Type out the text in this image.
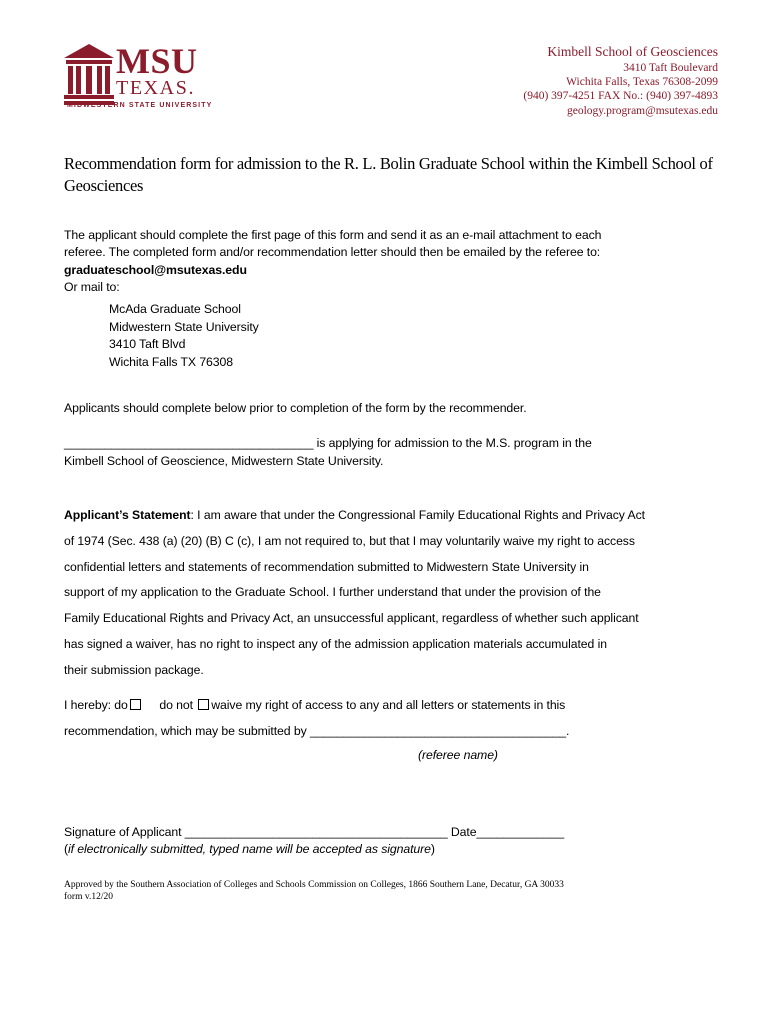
MSU
TEXAS.
MIDWESTERN STATE UNIVERSITY
Kimbell School of Geosciences
3410 Taft Boulevard
Wichita Falls, Texas 76308-2099
(940) 397-4251 FAX No.: (940) 397-4893
geology.program@msutexas.edu
Recommendation form for admission to the R. L. Bolin Graduate School within the Kimbell School of Geosciences
The applicant should complete the first page of this form and send it as an e-mail attachment to each
referee. The completed form and/or recommendation letter should then be emailed by the referee to:
graduateschool@msutexas.edu
Or mail to:
McAda Graduate School
Midwestern State University
3410 Taft Blvd
Wichita Falls TX 76308
Applicants should complete below prior to completion of the form by the recommender.
_____________________________________ is applying for admission to the M.S. program in the
Kimbell School of Geoscience, Midwestern State University.
Applicant’s Statement: I am aware that under the Congressional Family Educational Rights and Privacy Act
of 1974 (Sec. 438 (a) (20) (B) C (c), I am not required to, but that I may voluntarily waive my right to access
confidential letters and statements of recommendation submitted to Midwestern State University in
support of my application to the Graduate School. I further understand that under the provision of the
Family Educational Rights and Privacy Act, an unsuccessful applicant, regardless of whether such applicant
has signed a waiver, has no right to inspect any of the admission application materials accumulated in
their submission package.
I hereby: do	do not waive my right of access to any and all letters or statements in this
recommendation, which may be submitted by ______________________________________.
(referee name)
Signature of Applicant _______________________________________ Date_____________
(if electronically submitted, typed name will be accepted as signature)
Approved by the Southern Association of Colleges and Schools Commission on Colleges, 1866 Southern Lane, Decatur, GA 30033
form v.12/20
